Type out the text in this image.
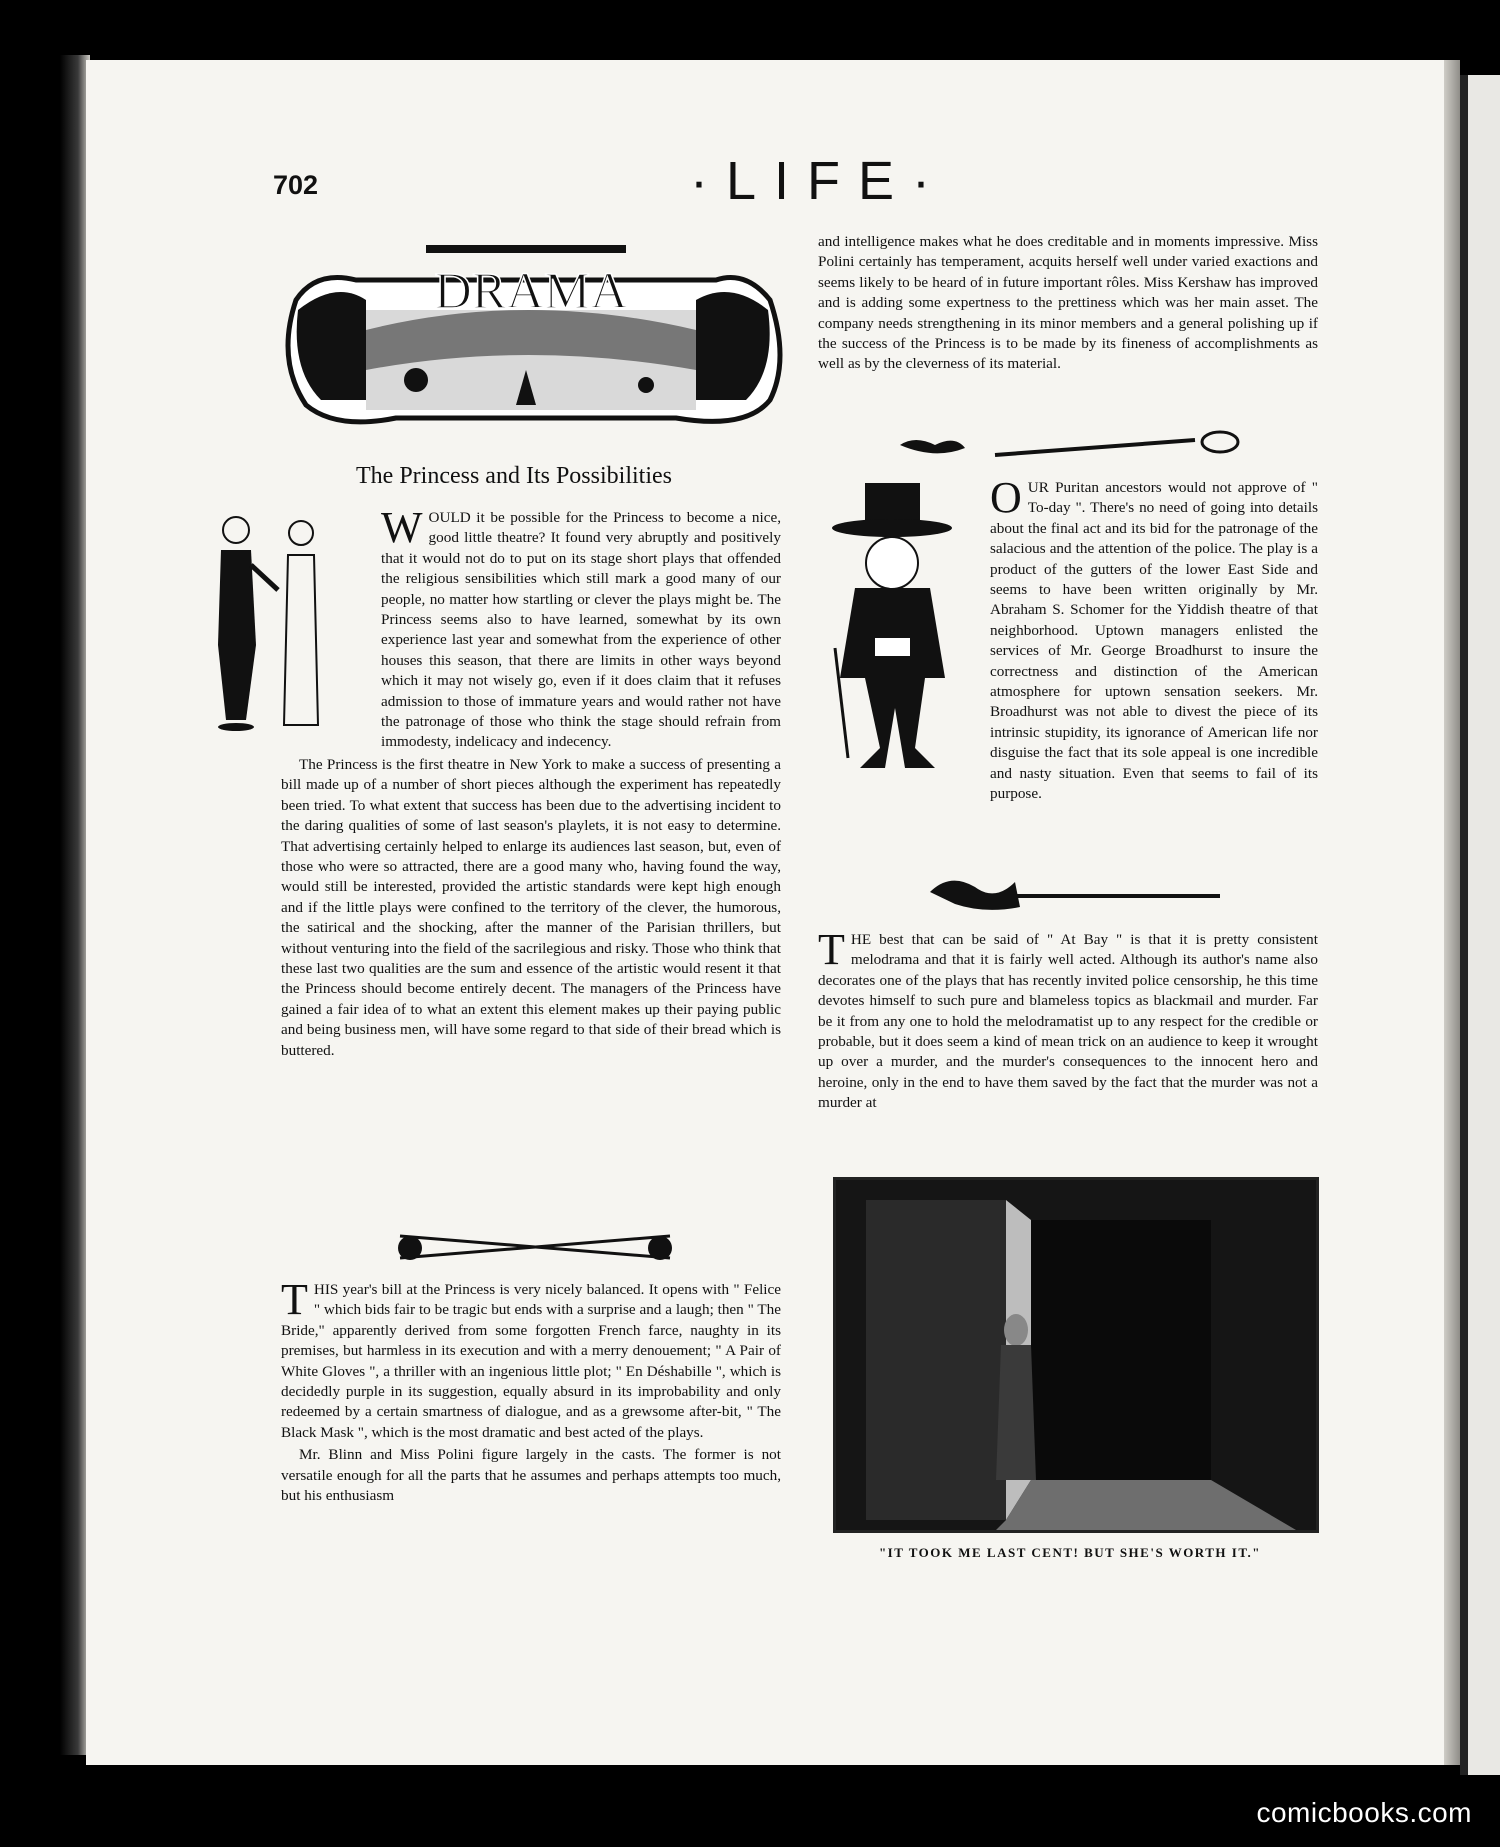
702	·LIFE·
DRAMA
The Princess and Its Possibilities

WOULD it be possible for the Princess to become a nice, good little theatre? It found very abruptly and positively that it would not do to put on its stage short plays that offended the religious sensibilities which still mark a good many of our people, no matter how startling or clever the plays might be. The Princess seems also to have learned, somewhat by its own experience last year and somewhat from the experience of other houses this season, that there are limits in other ways beyond which it may not wisely go, even if it does claim that it refuses admission to those of immature years and would rather not have the patronage of those who think the stage should refrain from immodesty, indelicacy and indecency.

The Princess is the first theatre in New York to make a success of presenting a bill made up of a number of short pieces although the experiment has repeatedly been tried. To what extent that success has been due to the advertising incident to the daring qualities of some of last season's playlets, it is not easy to determine. That advertising certainly helped to enlarge its audiences last season, but, even of those who were so attracted, there are a good many who, having found the way, would still be interested, provided the artistic standards were kept high enough and if the little plays were confined to the territory of the clever, the humorous, the satirical and the shocking, after the manner of the Parisian thrillers, but without venturing into the field of the sacrilegious and risky. Those who think that these last two qualities are the sum and essence of the artistic would resent it that the Princess should become entirely decent. The managers of the Princess have gained a fair idea of to what an extent this element makes up their paying public and being business men, will have some regard to that side of their bread which is buttered.

THIS year's bill at the Princess is very nicely balanced. It opens with " Felice " which bids fair to be tragic but ends with a surprise and a laugh; then " The Bride," apparently derived from some forgotten French farce, naughty in its premises, but harmless in its execution and with a merry denouement; " A Pair of White Gloves ", a thriller with an ingenious little plot; " En Déshabille ", which is decidedly purple in its suggestion, equally absurd in its improbability and only redeemed by a certain smartness of dialogue, and as a grewsome after-bit, " The Black Mask ", which is the most dramatic and best acted of the plays.

Mr. Blinn and Miss Polini figure largely in the casts. The former is not versatile enough for all the parts that he assumes and perhaps attempts too much, but his enthusiasm

and intelligence makes what he does creditable and in moments impressive. Miss Polini certainly has temperament, acquits herself well under varied exactions and seems likely to be heard of in future important rôles. Miss Kershaw has improved and is adding some expertness to the prettiness which was her main asset. The company needs strengthening in its minor members and a general polishing up if the success of the Princess is to be made by its fineness of accomplishments as well as by the cleverness of its material.

OUR Puritan ancestors would not approve of " To-day ". There's no need of going into details about the final act and its bid for the patronage of the salacious and the attention of the police. The play is a product of the gutters of the lower East Side and seems to have been written originally by Mr. Abraham S. Schomer for the Yiddish theatre of that neighborhood. Uptown managers enlisted the services of Mr. George Broadhurst to insure the correctness and distinction of the American atmosphere for uptown sensation seekers. Mr. Broadhurst was not able to divest the piece of its intrinsic stupidity, its ignorance of American life nor disguise the fact that its sole appeal is one incredible and nasty situation. Even that seems to fail of its purpose.

THE best that can be said of " At Bay " is that it is pretty consistent melodrama and that it is fairly well acted. Although its author's name also decorates one of the plays that has recently invited police censorship, he this time devotes himself to such pure and blameless topics as blackmail and murder. Far be it from any one to hold the melodramatist up to any respect for the credible or probable, but it does seem a kind of mean trick on an audience to keep it wrought up over a murder, and the murder's consequences to the innocent hero and heroine, only in the end to have them saved by the fact that the murder was not a murder at

"IT TOOK ME LAST CENT! BUT SHE'S WORTH IT."
comicbooks.com
